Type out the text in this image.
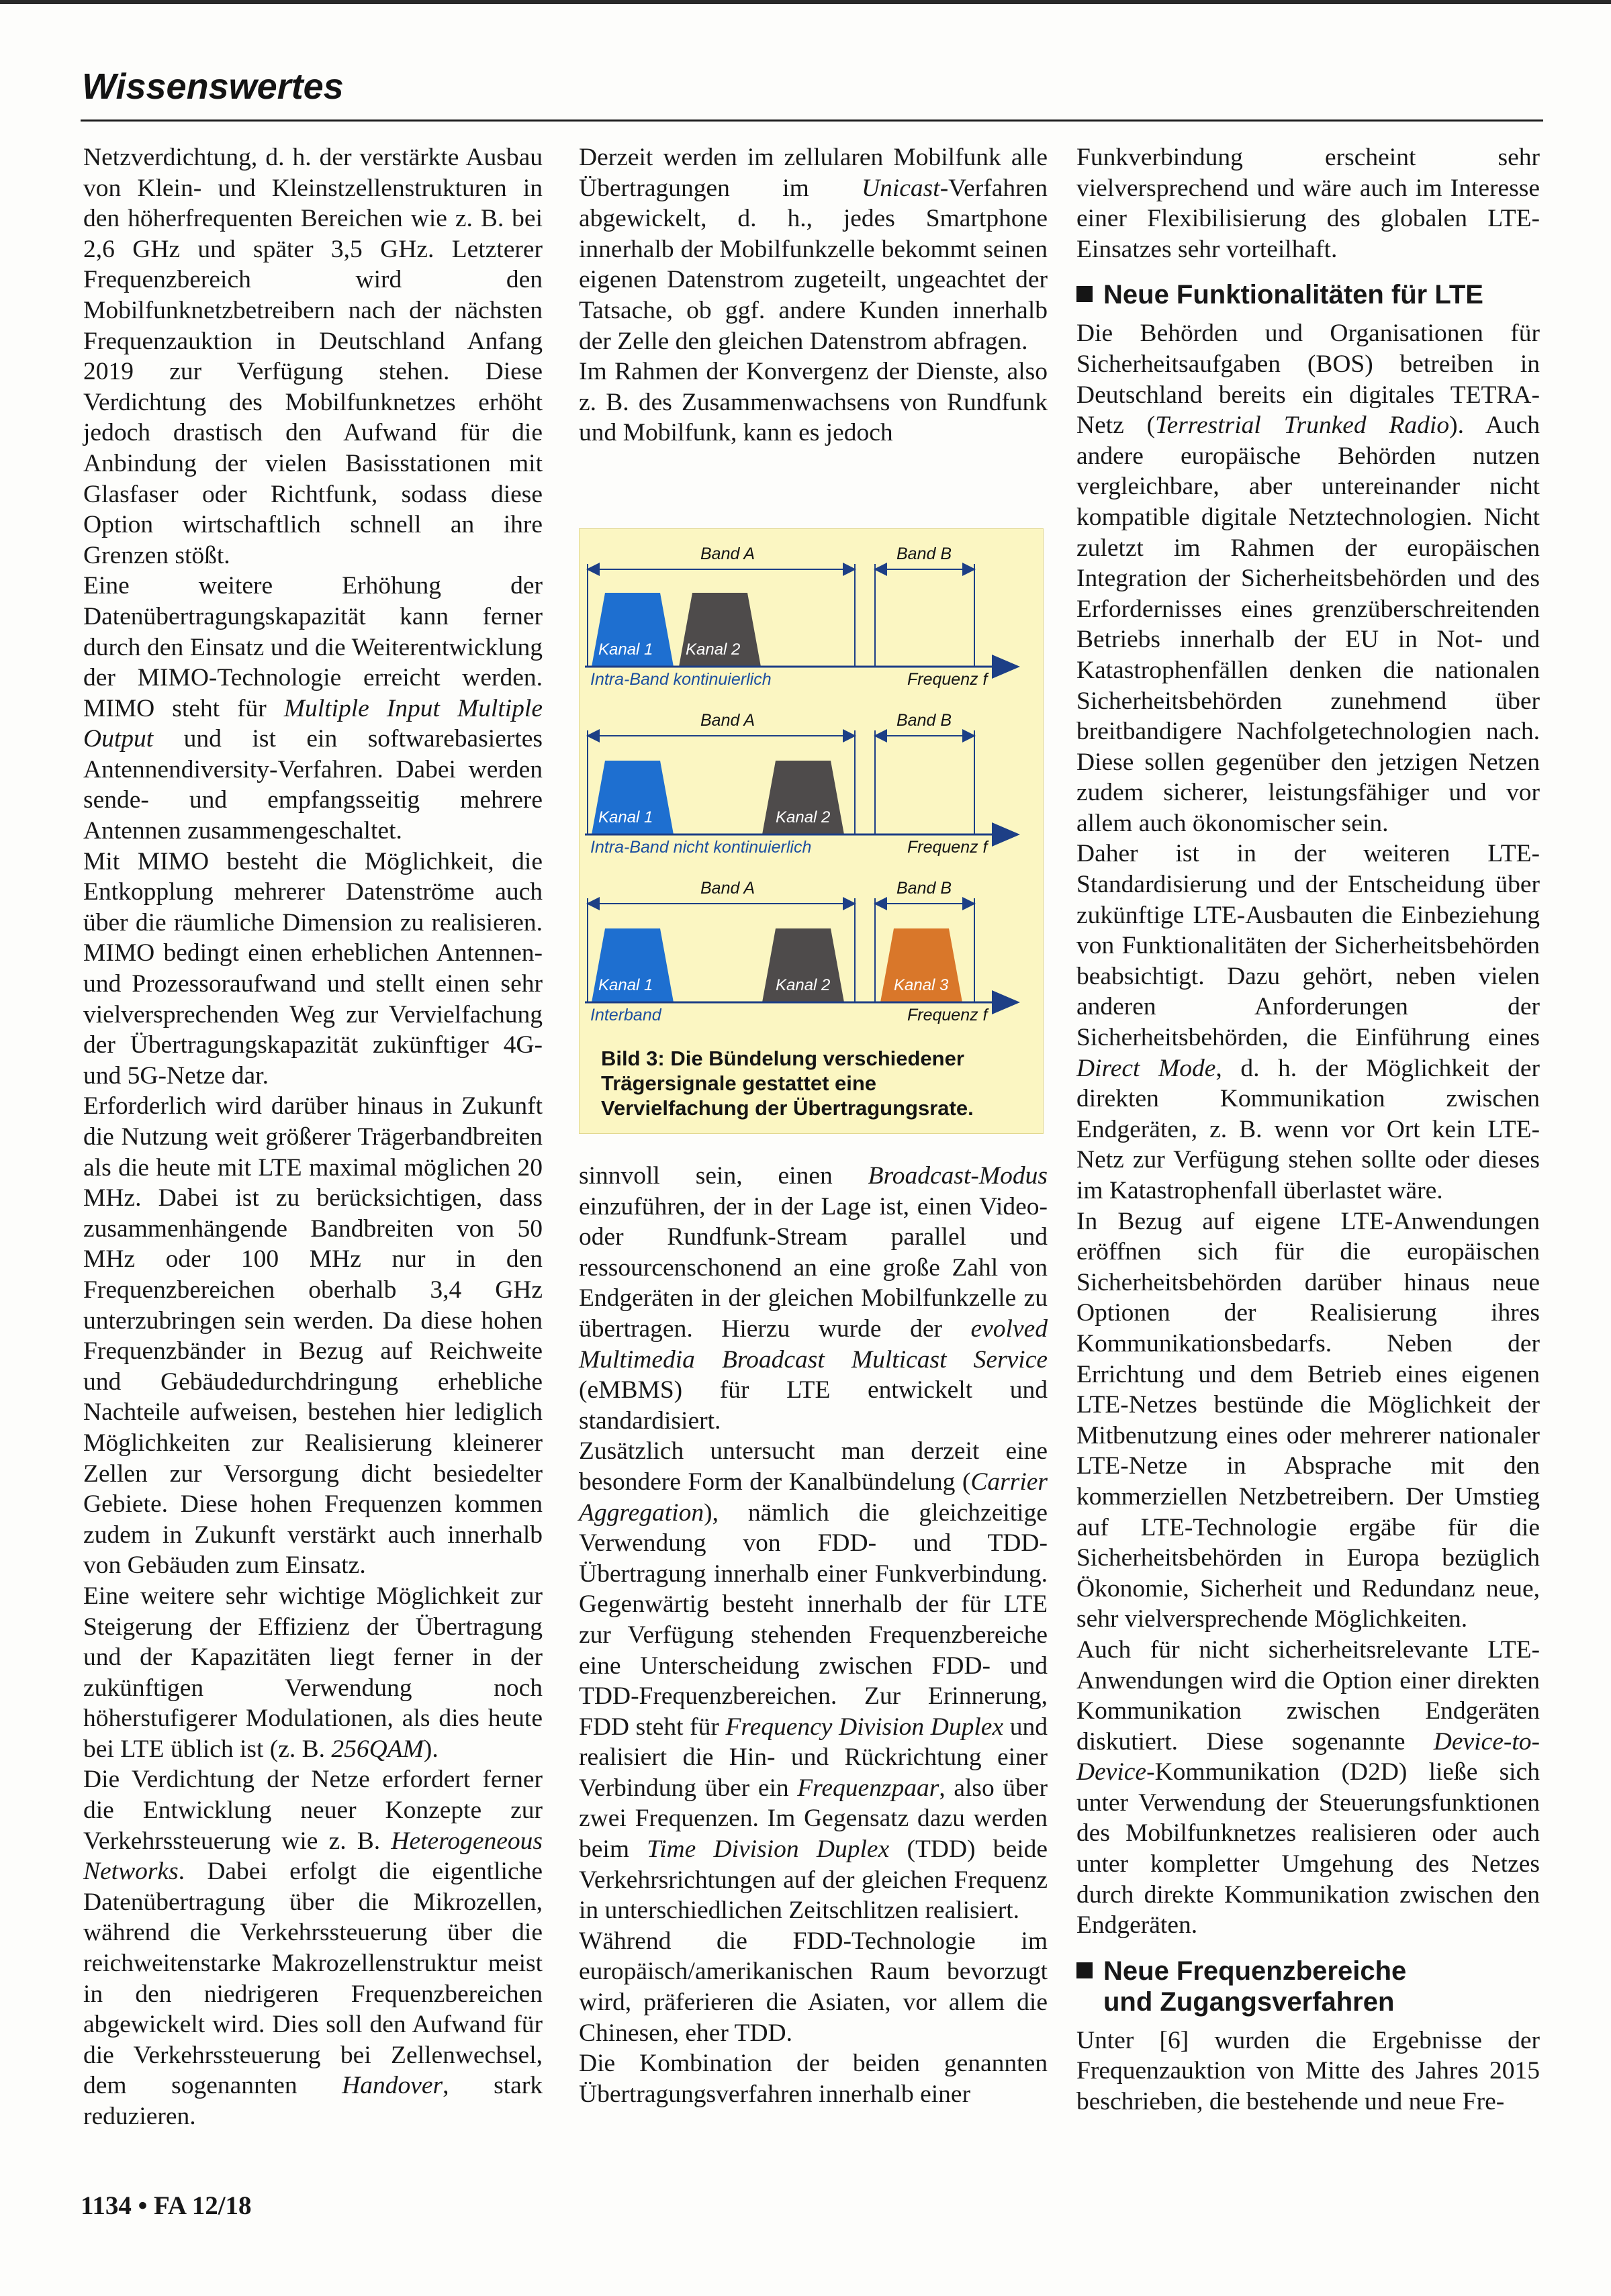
Wissenswertes

Netzverdichtung, d. h. der verstärkte Ausbau von Klein- und Kleinstzellenstrukturen in den höherfrequenten Bereichen wie z. B. bei 2,6 GHz und später 3,5 GHz. Letzterer Frequenzbereich wird den Mobilfunknetzbetreibern nach der nächsten Frequenzauktion in Deutschland Anfang 2019 zur Verfügung stehen. Diese Verdichtung des Mobilfunknetzes erhöht jedoch drastisch den Aufwand für die Anbindung der vielen Basisstationen mit Glasfaser oder Richtfunk, sodass diese Option wirtschaftlich schnell an ihre Grenzen stößt.

Eine weitere Erhöhung der Datenübertragungskapazität kann ferner durch den Einsatz und die Weiterentwicklung der MIMO-Technologie erreicht werden. MIMO steht für Multiple Input Multiple Output und ist ein softwarebasiertes Antennendiversity-Verfahren. Dabei werden sende- und empfangsseitig mehrere Antennen zusammengeschaltet.

Mit MIMO besteht die Möglichkeit, die Entkopplung mehrerer Datenströme auch über die räumliche Dimension zu realisieren. MIMO bedingt einen erheblichen Antennen- und Prozessoraufwand und stellt einen sehr vielversprechenden Weg zur Vervielfachung der Übertragungskapazität zukünftiger 4G- und 5G-Netze dar.

Erforderlich wird darüber hinaus in Zukunft die Nutzung weit größerer Trägerbandbreiten als die heute mit LTE maximal möglichen 20 MHz. Dabei ist zu berücksichtigen, dass zusammenhängende Bandbreiten von 50 MHz oder 100 MHz nur in den Frequenzbereichen oberhalb 3,4 GHz unterzubringen sein werden. Da diese hohen Frequenzbänder in Bezug auf Reichweite und Gebäudedurchdringung erhebliche Nachteile aufweisen, bestehen hier lediglich Möglichkeiten zur Realisierung kleinerer Zellen zur Versorgung dicht besiedelter Gebiete. Diese hohen Frequenzen kommen zudem in Zukunft verstärkt auch innerhalb von Gebäuden zum Einsatz.

Eine weitere sehr wichtige Möglichkeit zur Steigerung der Effizienz der Übertragung und der Kapazitäten liegt ferner in der zukünftigen Verwendung noch höherstufigerer Modulationen, als dies heute bei LTE üblich ist (z. B. 256QAM).

Die Verdichtung der Netze erfordert ferner die Entwicklung neuer Konzepte zur Verkehrssteuerung wie z. B. Heterogeneous Networks. Dabei erfolgt die eigentliche Datenübertragung über die Mikrozellen, während die Verkehrssteuerung über die reichweitenstarke Makrozellenstruktur meist in den niedrigeren Frequenzbereichen abgewickelt wird. Dies soll den Aufwand für die Verkehrssteuerung bei Zellenwechsel, dem sogenannten Handover, stark reduzieren.

Derzeit werden im zellularen Mobilfunk alle Übertragungen im Unicast-Verfahren abgewickelt, d. h., jedes Smartphone innerhalb der Mobilfunkzelle bekommt seinen eigenen Datenstrom zugeteilt, ungeachtet der Tatsache, ob ggf. andere Kunden innerhalb der Zelle den gleichen Datenstrom abfragen.

Im Rahmen der Konvergenz der Dienste, also z. B. des Zusammenwachsens von Rundfunk und Mobilfunk, kann es jedoch

sinnvoll sein, einen Broadcast-Modus einzuführen, der in der Lage ist, einen Video- oder Rundfunk-Stream parallel und ressourcenschonend an eine große Zahl von Endgeräten in der gleichen Mobilfunkzelle zu übertragen. Hierzu wurde der evolved Multimedia Broadcast Multicast Service (eMBMS) für LTE entwickelt und standardisiert.

Zusätzlich untersucht man derzeit eine besondere Form der Kanalbündelung (Carrier Aggregation), nämlich die gleichzeitige Verwendung von FDD- und TDD-Übertragung innerhalb einer Funkverbindung. Gegenwärtig besteht innerhalb der für LTE zur Verfügung stehenden Frequenzbereiche eine Unterscheidung zwischen FDD- und TDD-Frequenzbereichen. Zur Erinnerung, FDD steht für Frequency Division Duplex und realisiert die Hin- und Rückrichtung einer Verbindung über ein Frequenzpaar, also über zwei Frequenzen. Im Gegensatz dazu werden beim Time Division Duplex (TDD) beide Verkehrsrichtungen auf der gleichen Frequenz in unterschiedlichen Zeitschlitzen realisiert.

Während die FDD-Technologie im europäisch/amerikanischen Raum bevorzugt wird, präferieren die Asiaten, vor allem die Chinesen, eher TDD.

Die Kombination der beiden genannten Übertragungsverfahren innerhalb einer

Band A	Band B
Kanal 1 Kanal 2
Intra-Band kontinuierlich	Frequenz f
Band A	Band B
Kanal 1	Kanal 2
Intra-Band nicht kontinuierlich	Frequenz f
Band A	Band B
Kanal 1	Kanal 2	Kanal 3
Interband	Frequenz f

Bild 3: Die Bündelung verschiedener Trägersignale gestattet eine Vervielfachung der Übertragungsrate.

Funkverbindung erscheint sehr vielversprechend und wäre auch im Interesse einer Flexibilisierung des globalen LTE-Einsatzes sehr vorteilhaft.

Neue Funktionalitäten für LTE

Die Behörden und Organisationen für Sicherheitsaufgaben (BOS) betreiben in Deutschland bereits ein digitales TETRA-Netz (Terrestrial Trunked Radio). Auch andere europäische Behörden nutzen vergleichbare, aber untereinander nicht kompatible digitale Netztechnologien. Nicht zuletzt im Rahmen der europäischen Integration der Sicherheitsbehörden und des Erfordernisses eines grenzüberschreitenden Betriebs innerhalb der EU in Not- und Katastrophenfällen denken die nationalen Sicherheitsbehörden zunehmend über breitbandigere Nachfolgetechnologien nach. Diese sollen gegenüber den jetzigen Netzen zudem sicherer, leistungsfähiger und vor allem auch ökonomischer sein.

Daher ist in der weiteren LTE-Standardisierung und der Entscheidung über zukünftige LTE-Ausbauten die Einbeziehung von Funktionalitäten der Sicherheitsbehörden beabsichtigt. Dazu gehört, neben vielen anderen Anforderungen der Sicherheitsbehörden, die Einführung eines Direct Mode, d. h. der Möglichkeit der direkten Kommunikation zwischen Endgeräten, z. B. wenn vor Ort kein LTE-Netz zur Verfügung stehen sollte oder dieses im Katastrophenfall überlastet wäre.

In Bezug auf eigene LTE-Anwendungen eröffnen sich für die europäischen Sicherheitsbehörden darüber hinaus neue Optionen der Realisierung ihres Kommunikationsbedarfs. Neben der Errichtung und dem Betrieb eines eigenen LTE-Netzes bestünde die Möglichkeit der Mitbenutzung eines oder mehrerer nationaler LTE-Netze in Absprache mit den kommerziellen Netzbetreibern. Der Umstieg auf LTE-Technologie ergäbe für die Sicherheitsbehörden in Europa bezüglich Ökonomie, Sicherheit und Redundanz neue, sehr vielversprechende Möglichkeiten.

Auch für nicht sicherheitsrelevante LTE-Anwendungen wird die Option einer direkten Kommunikation zwischen Endgeräten diskutiert. Diese sogenannte Device-to-Device-Kommunikation (D2D) ließe sich unter Verwendung der Steuerungsfunktionen des Mobilfunknetzes realisieren oder auch unter kompletter Umgehung des Netzes durch direkte Kommunikation zwischen den Endgeräten.

Neue Frequenzbereiche
und Zugangsverfahren

Unter [6] wurden die Ergebnisse der Frequenzauktion von Mitte des Jahres 2015 beschrieben, die bestehende und neue Fre-

1134 • FA 12/18
